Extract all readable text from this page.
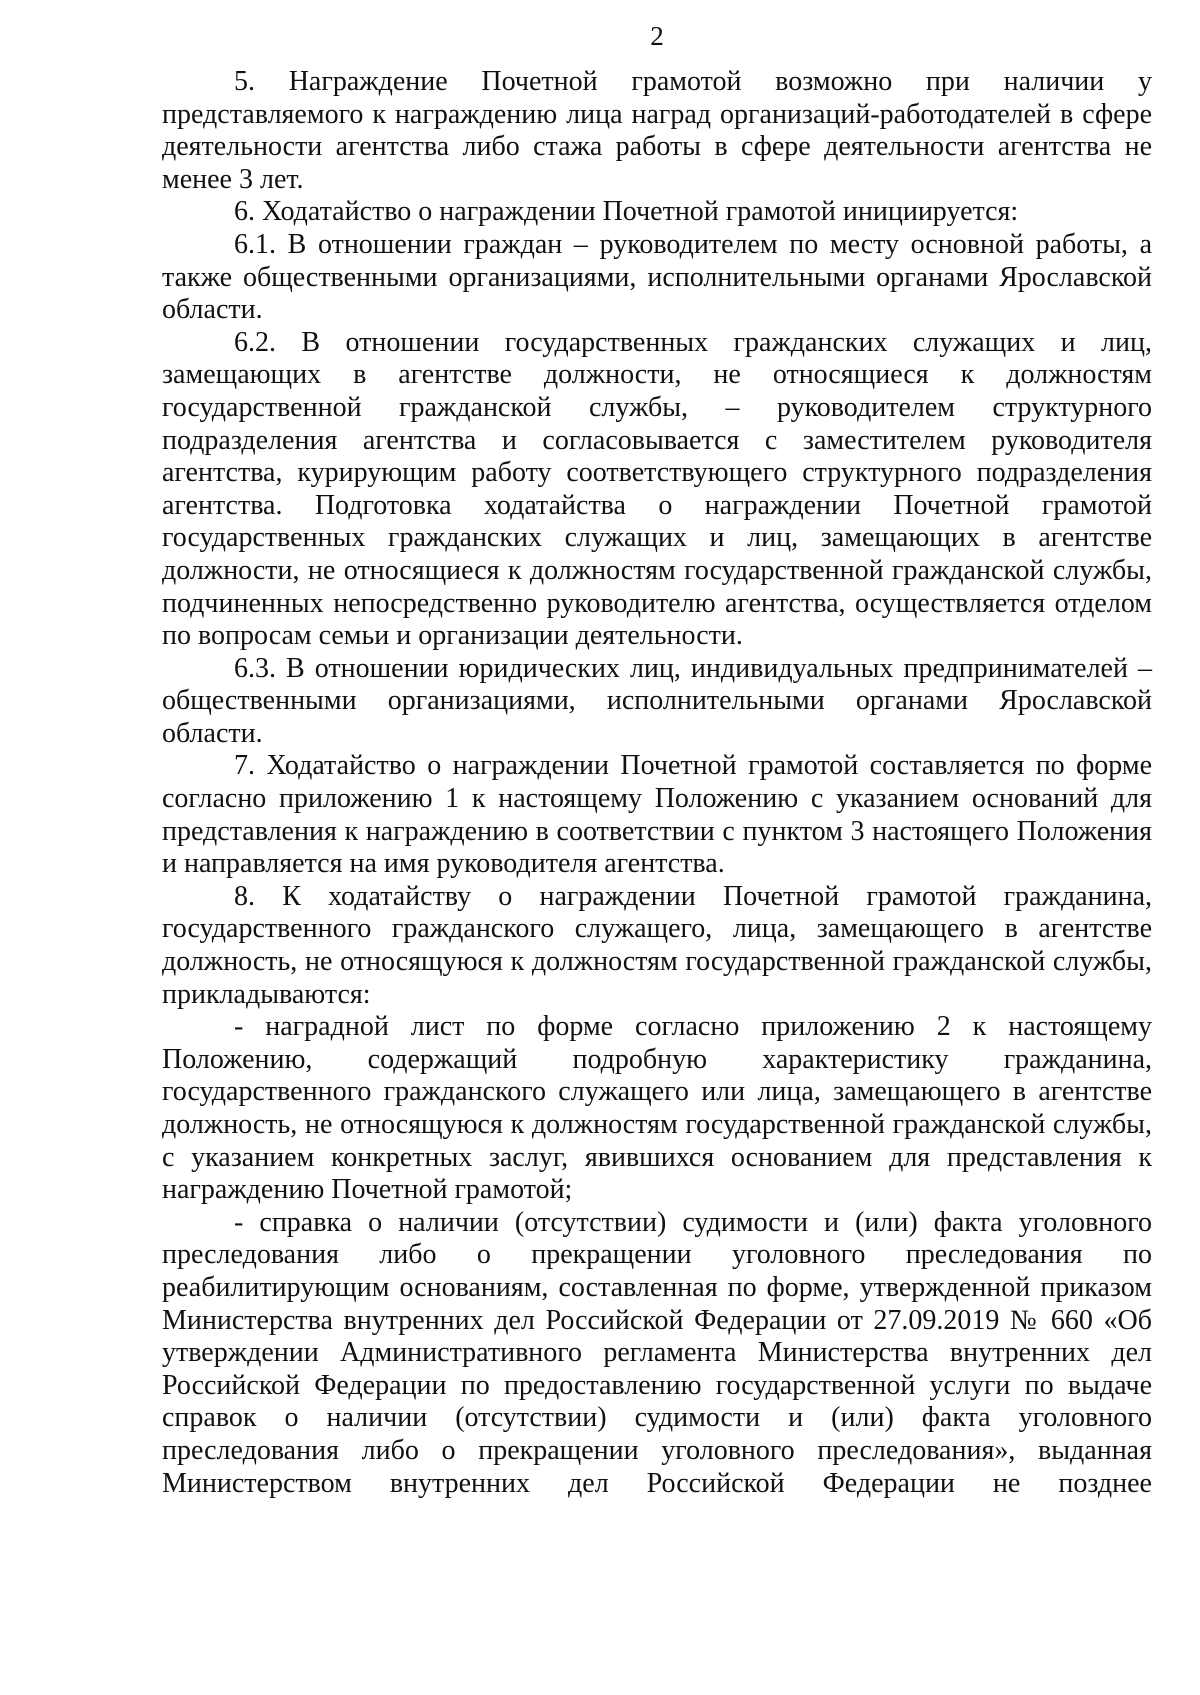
2

5. Награждение Почетной грамотой возможно при наличии у представляемого к награждению лица наград организаций-работодателей в сфере деятельности агентства либо стажа работы в сфере деятельности агентства не менее 3 лет.

6. Ходатайство о награждении Почетной грамотой инициируется:

6.1. В отношении граждан – руководителем по месту основной работы, а также общественными организациями, исполнительными органами Ярославской области.

6.2. В отношении государственных гражданских служащих и лиц, замещающих в агентстве должности, не относящиеся к должностям государственной гражданской службы, – руководителем структурного подразделения агентства и согласовывается с заместителем руководителя агентства, курирующим работу соответствующего структурного подразделения агентства. Подготовка ходатайства о награждении Почетной грамотой государственных гражданских служащих и лиц, замещающих в агентстве должности, не относящиеся к должностям государственной гражданской службы, подчиненных непосредственно руководителю агентства, осуществляется отделом по вопросам семьи и организации деятельности.

6.3. В отношении юридических лиц, индивидуальных предпринимателей – общественными организациями, исполнительными органами Ярославской области.

7. Ходатайство о награждении Почетной грамотой составляется по форме согласно приложению 1 к настоящему Положению с указанием оснований для представления к награждению в соответствии с пунктом 3 настоящего Положения и направляется на имя руководителя агентства.

8. К ходатайству о награждении Почетной грамотой гражданина, государственного гражданского служащего, лица, замещающего в агентстве должность, не относящуюся к должностям государственной гражданской службы, прикладываются:

- наградной лист по форме согласно приложению 2 к настоящему Положению, содержащий подробную характеристику гражданина, государственного гражданского служащего или лица, замещающего в агентстве должность, не относящуюся к должностям государственной гражданской службы, с указанием конкретных заслуг, явившихся основанием для представления к награждению Почетной грамотой;

- справка о наличии (отсутствии) судимости и (или) факта уголовного преследования либо о прекращении уголовного преследования по реабилитирующим основаниям, составленная по форме, утвержденной приказом Министерства внутренних дел Российской Федерации от 27.09.2019 № 660 «Об утверждении Административного регламента Министерства внутренних дел Российской Федерации по предоставлению государственной услуги по выдаче справок о наличии (отсутствии) судимости и (или) факта уголовного преследования либо о прекращении уголовного преследования», выданная Министерством внутренних дел Российской Федерации не позднее
